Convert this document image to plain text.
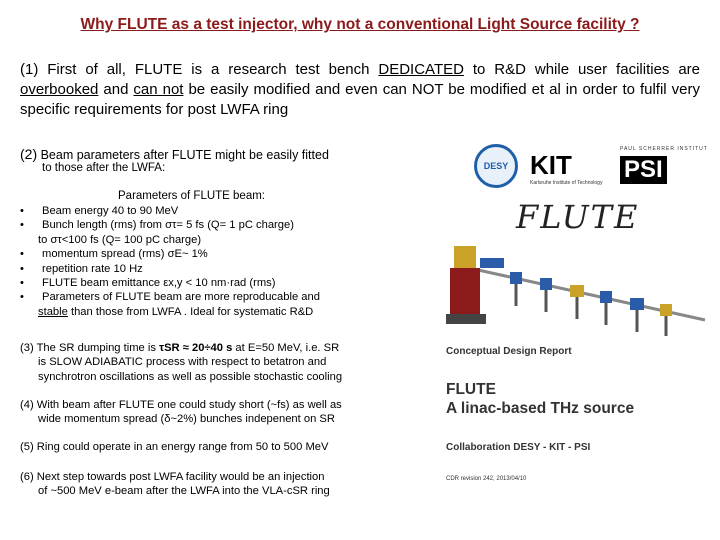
Why FLUTE as a test injector, why not a conventional Light Source facility ?
(1) First of all, FLUTE is a research test bench DEDICATED to R&D while user facilities are overbooked and can not be easily modified and even can NOT be modified et al in order to fulfil very specific requirements for post LWFA ring
(2) Beam parameters after FLUTE might be easily fitted
to those after the LWFA:
Parameters of FLUTE beam:
• Beam energy 40 to 90 MeV
• Bunch length (rms) from στ= 5 fs (Q= 1 pC charge)
to στ<100 fs (Q= 100 pC charge)
• momentum spread (rms) σE~ 1%
• repetition rate 10 Hz
• FLUTE beam emittance εx,y < 10 nm·rad (rms)
• Parameters of FLUTE beam are more reproducable and
stable than those from LWFA . Ideal for systematic R&D
(3) The SR dumping time is τSR ≈ 20÷40 s at E=50 MeV, i.e. SR
is SLOW ADIABATIC process with respect to betatron and
synchrotron oscillations as well as possible stochastic cooling
(4) With beam after FLUTE one could study short (~fs) as well as
wide momentum spread (δ~2%) bunches indepenent on SR
(5) Ring could operate in an energy range from 50 to 500 MeV
(6) Next step towards post LWFA facility would be an injection
of ~500 MeV e-beam after the LWFA into the VLA-cSR ring
DESY KIT
Karlsruhe Institute of Technology
PAUL SCHERRER INSTITUT
PSI
FLUTE
Conceptual Design Report
FLUTE
A linac-based THz source
Collaboration DESY - KIT - PSI
CDR revision 242, 2013/04/10
